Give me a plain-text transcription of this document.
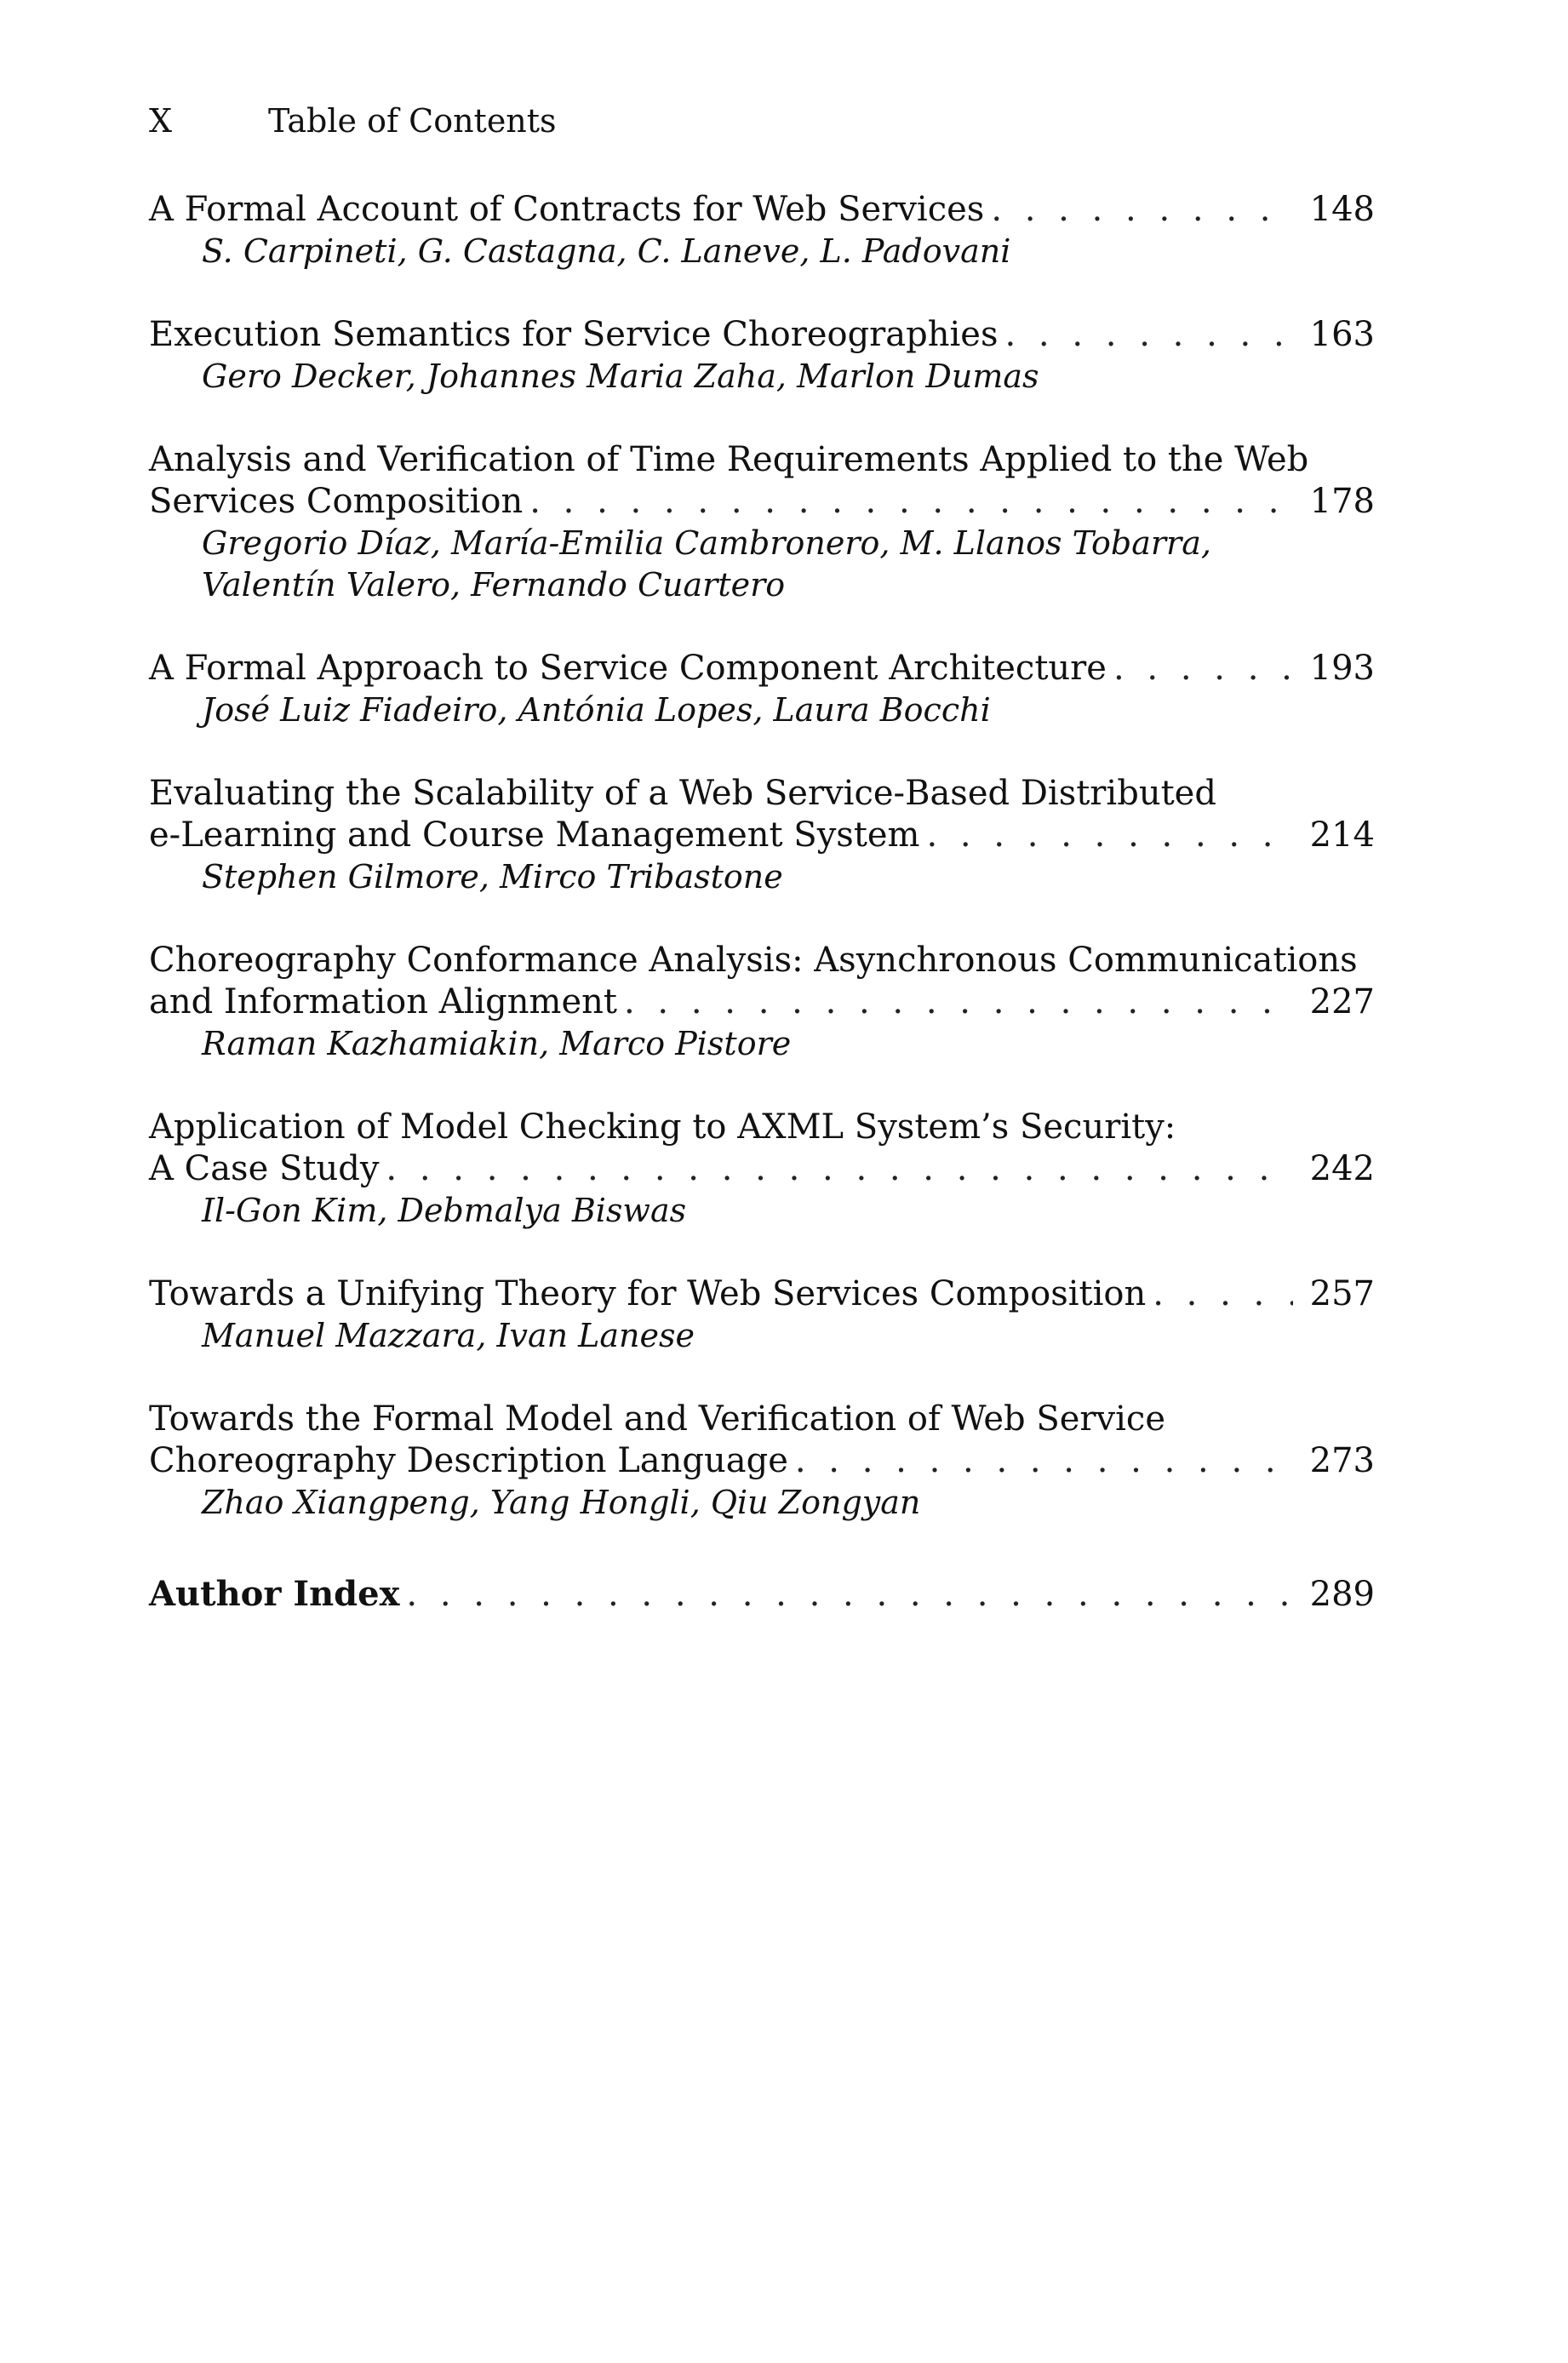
X	Table of Contents
A Formal Account of Contracts for Web Services . . .	148
S. Carpineti, G. Castagna, C. Laneve, L. Padovani
Execution Semantics for Service Choreographies . . .	163
Gero Decker, Johannes Maria Zaha, Marlon Dumas
Analysis and Verification of Time Requirements Applied to the Web
Services Composition . . .	178
Gregorio Díaz, María-Emilia Cambronero, M. Llanos Tobarra,
Valentín Valero, Fernando Cuartero
A Formal Approach to Service Component Architecture . . .	193
José Luiz Fiadeiro, Antónia Lopes, Laura Bocchi
Evaluating the Scalability of a Web Service-Based Distributed
e-Learning and Course Management System . . .	214
Stephen Gilmore, Mirco Tribastone
Choreography Conformance Analysis: Asynchronous Communications
and Information Alignment . . .	227
Raman Kazhamiakin, Marco Pistore
Application of Model Checking to AXML System’s Security:
A Case Study . . .	242
Il-Gon Kim, Debmalya Biswas
Towards a Unifying Theory for Web Services Composition . . .	257
Manuel Mazzara, Ivan Lanese
Towards the Formal Model and Verification of Web Service
Choreography Description Language . . .	273
Zhao Xiangpeng, Yang Hongli, Qiu Zongyan
Author Index . . .	289
